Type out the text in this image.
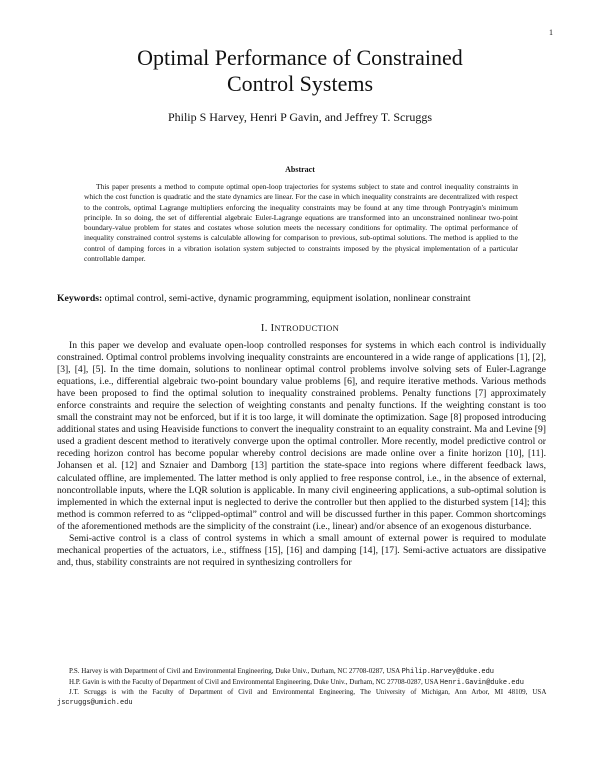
1
Optimal Performance of Constrained
Control Systems
Philip S Harvey, Henri P Gavin, and Jeffrey T. Scruggs
Abstract

This paper presents a method to compute optimal open-loop trajectories for systems subject to state and control inequality constraints in which the cost function is quadratic and the state dynamics are linear. For the case in which inequality constraints are decentralized with respect to the controls, optimal Lagrange multipliers enforcing the inequality constraints may be found at any time through Pontryagin's minimum principle. In so doing, the set of differential algebraic Euler-Lagrange equations are transformed into an unconstrained nonlinear two-point boundary-value problem for states and costates whose solution meets the necessary conditions for optimality. The optimal performance of inequality constrained control systems is calculable allowing for comparison to previous, sub-optimal solutions. The method is applied to the control of damping forces in a vibration isolation system subjected to constraints imposed by the physical implementation of a particular controllable damper.

Keywords: optimal control, semi-active, dynamic programming, equipment isolation, nonlinear constraint

I. INTRODUCTION

In this paper we develop and evaluate open-loop controlled responses for systems in which each control is individually constrained. Optimal control problems involving inequality constraints are encountered in a wide range of applications [1], [2], [3], [4], [5]. In the time domain, solutions to nonlinear optimal control problems involve solving sets of Euler-Lagrange equations, i.e., differential algebraic two-point boundary value problems [6], and require iterative methods. Various methods have been proposed to find the optimal solution to inequality constrained problems. Penalty functions [7] approximately enforce constraints and require the selection of weighting constants and penalty functions. If the weighting constant is too small the constraint may not be enforced, but if it is too large, it will dominate the optimization. Sage [8] proposed introducing additional states and using Heaviside functions to convert the inequality constraint to an equality constraint. Ma and Levine [9] used a gradient descent method to iteratively converge upon the optimal controller. More recently, model predictive control or receding horizon control has become popular whereby control decisions are made online over a finite horizon [10], [11]. Johansen et al. [12] and Sznaier and Damborg [13] partition the state-space into regions where different feedback laws, calculated offline, are implemented. The latter method is only applied to free response control, i.e., in the absence of external, noncontrollable inputs, where the LQR solution is applicable. In many civil engineering applications, a sub-optimal solution is implemented in which the external input is neglected to derive the controller but then applied to the disturbed system [14]; this method is common referred to as “clipped-optimal” control and will be discussed further in this paper. Common shortcomings of the aforementioned methods are the simplicity of the constraint (i.e., linear) and/or absence of an exogenous disturbance.

Semi-active control is a class of control systems in which a small amount of external power is required to modulate mechanical properties of the actuators, i.e., stiffness [15], [16] and damping [14], [17]. Semi-active actuators are dissipative and, thus, stability constraints are not required in synthesizing controllers for

P.S. Harvey is with Department of Civil and Environmental Engineering, Duke Univ., Durham, NC 27708-0287, USA Philip.Harvey@duke.edu

H.P. Gavin is with the Faculty of Department of Civil and Environmental Engineering, Duke Univ., Durham, NC 27708-0287, USA Henri.Gavin@duke.edu

J.T. Scruggs is with the Faculty of Department of Civil and Environmental Engineering, The University of Michigan, Ann Arbor, MI 48109, USA jscruggs@umich.edu
